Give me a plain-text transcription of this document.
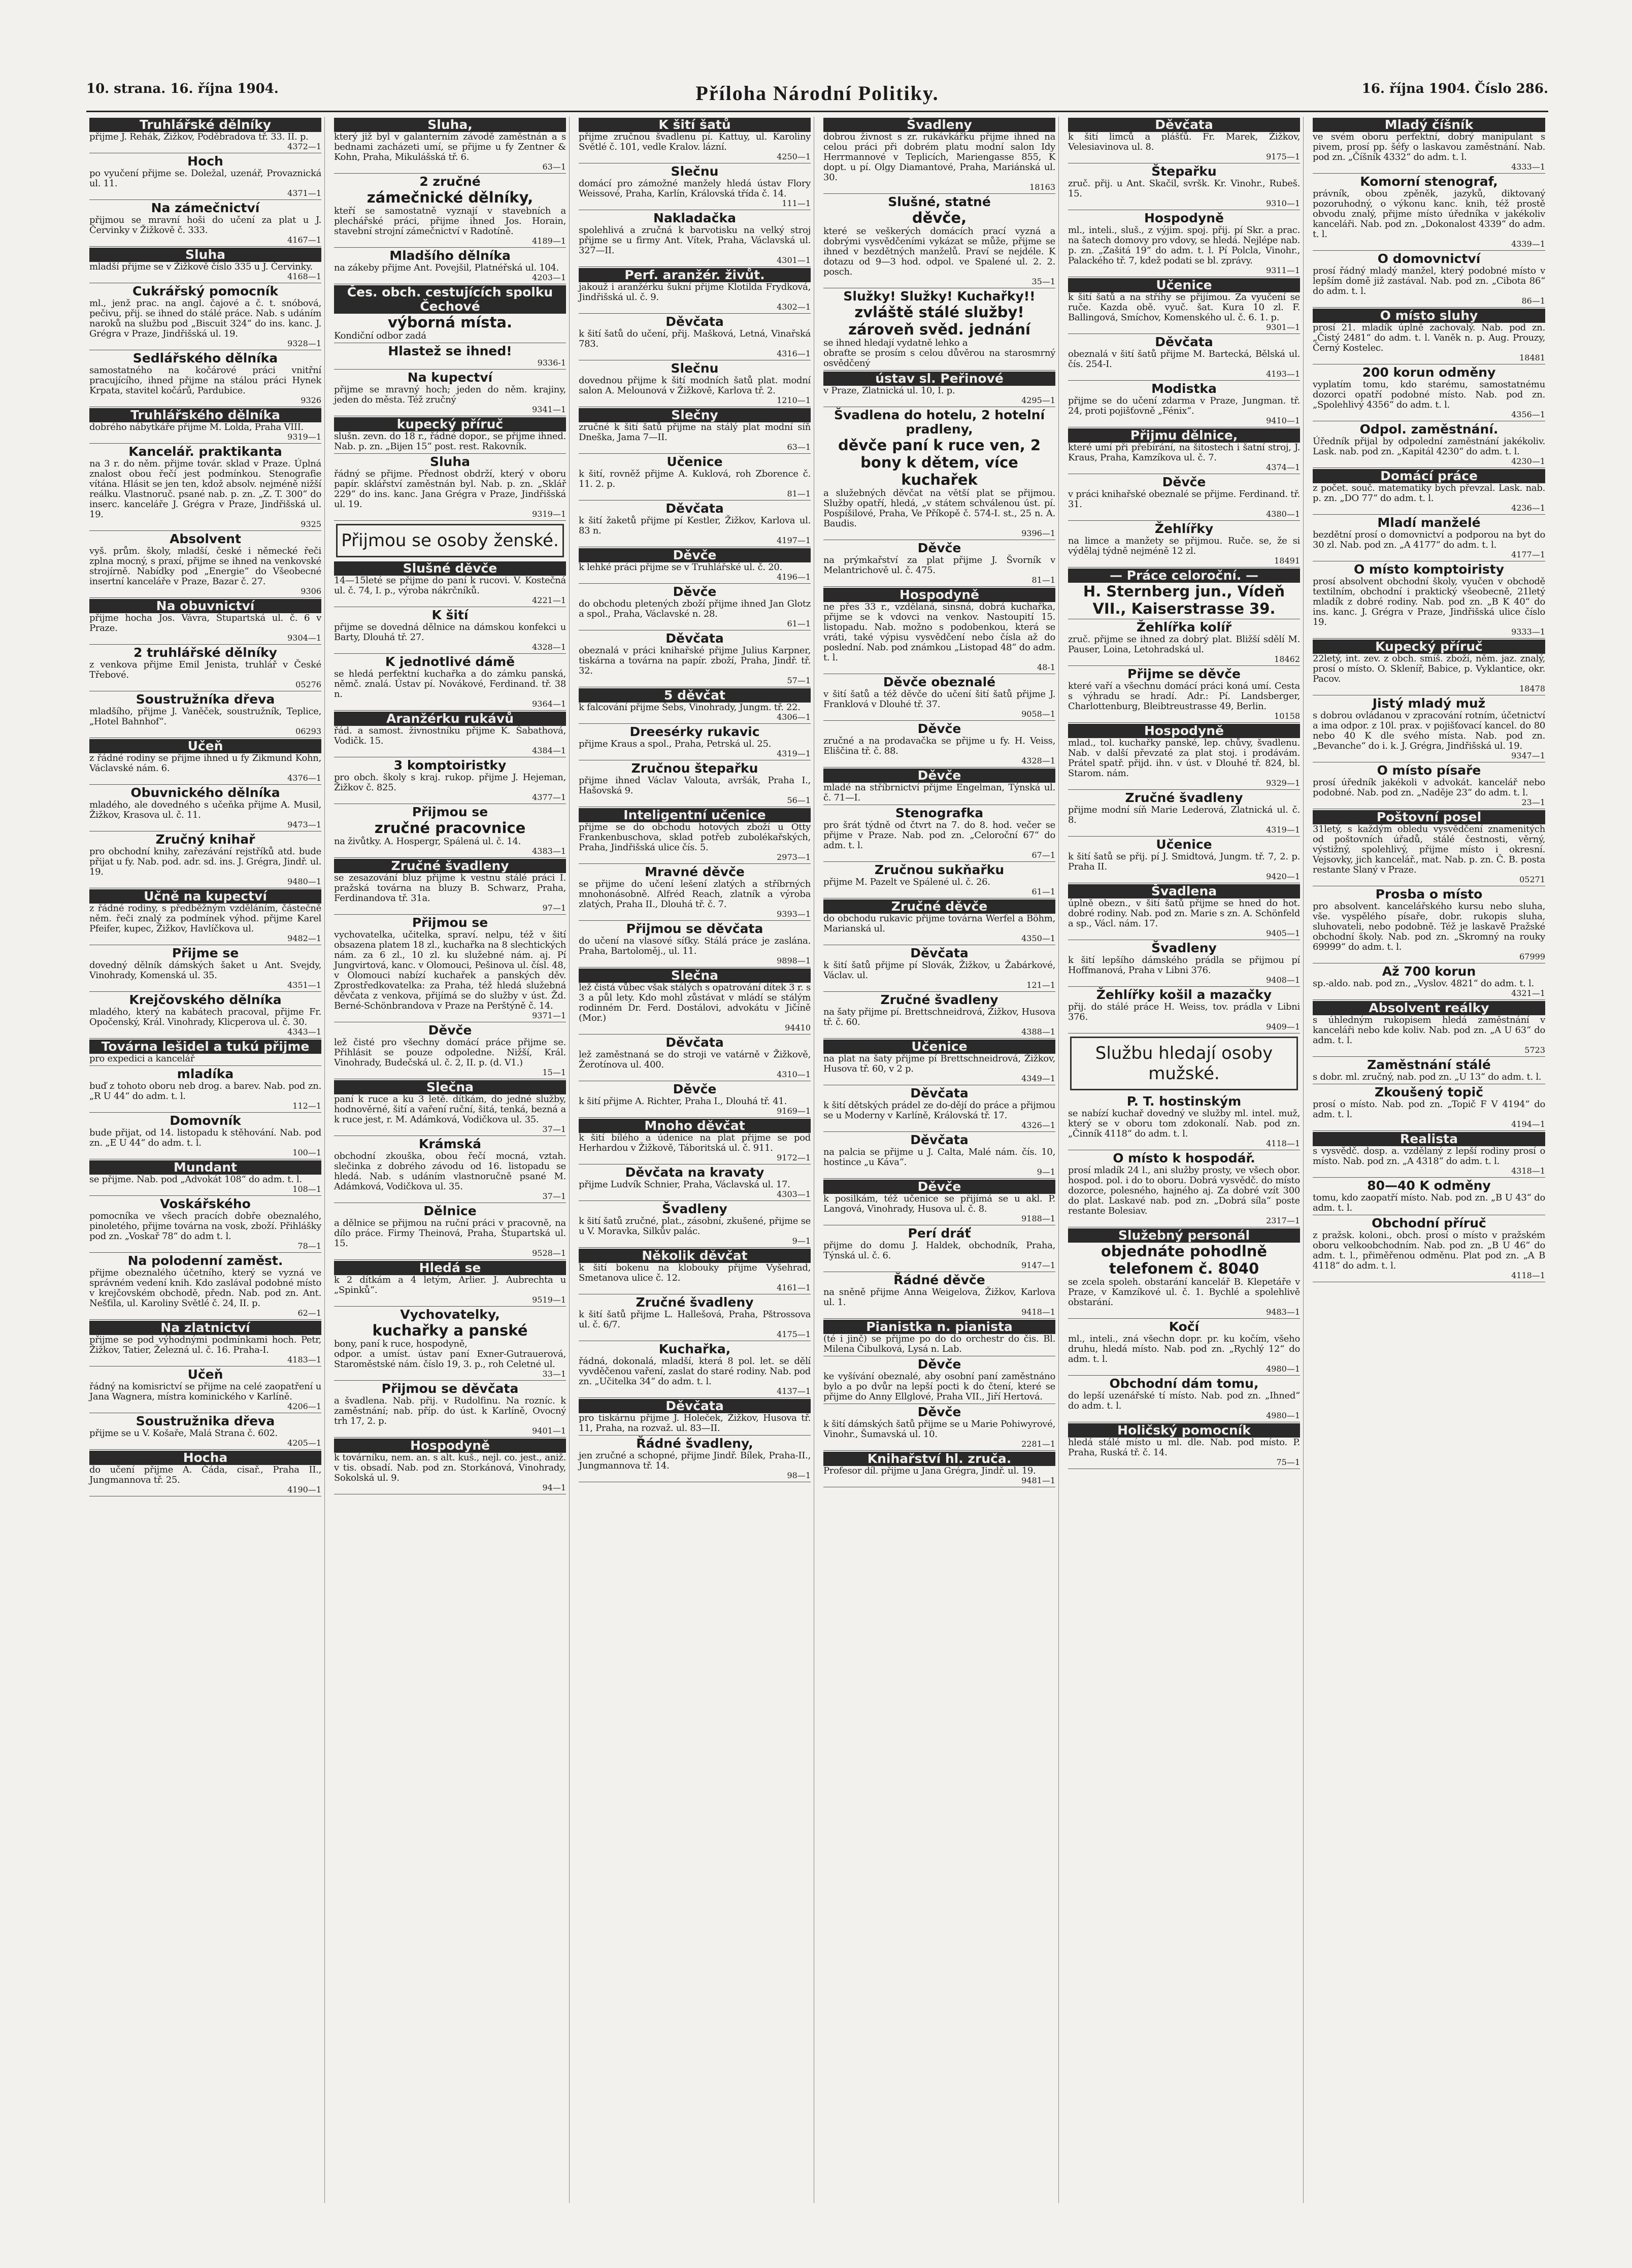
10. strana. 16. října 1904.	Příloha Národní Politiky.	16. října 1904. Číslo 286.
Truhlářské dělníky
přijme J. Rehák, Žižkov, Poděbradova tř. 33. II. p.
4372—1
Hoch
po vyučení přijme se. Doležal, uzenář, Provaznická ul. 11.
4371—1
Na zámečnictví
přijmou se mravní hoši do učení za plat u J. Červinky v Žižkově č. 333.
4167—1
Sluha
mladší přijme se v Žižkově číslo 335 u J. Červinky.
4168—1
Cukrářský pomocník
ml., jenž prac. na angl. čajové a č. t. snóbová, pečivu, přij. se ihned do stálé práce. Nab. s udáním naroků na službu pod „Biscuit 324“ do ins. kanc. J. Grégra v Praze, Jindřišská ul. 19.
9328—1
Sedlářského dělníka
samostatného na kočárové práci vnitřní pracujícího, ihned přijme na stálou práci Hynek Krpata, stavitel kočárů, Pardubice.
9326
Truhlářského dělníka
dobrého nábytkáře přijme M. Lolda, Praha VIII.
9319—1
Kancelář. praktikanta
na 3 r. do něm. přijme továr. sklad v Praze. Úplná znalost obou řečí jest podmínkou. Stenografie vítána. Hlásit se jen ten, kdož absolv. nejméně nižší reálku. Vlastnoruč. psané nab. p. zn. „Z. T. 300“ do inserc. kanceláře J. Grégra v Praze, Jindřišská ul. 19.
9325
Absolvent
vyš. prům. školy, mladší, české i německé řeči zplna mocný, s praxí, přijme se ihned na venkovské strojírně. Nabídky pod „Energie“ do Všeobecné insertní kanceláře v Praze, Bazar č. 27.
9306
Na obuvnictví
přijme hocha Jos. Vávra, Štupartská ul. č. 6 v Praze.
9304—1
2 truhlářské dělníky
z venkova přijme Emil Jenista, truhlář v České Třebové.
05276
Soustružníka dřeva
mladšího, přijme J. Vaněček, soustružník, Teplice, „Hotel Bahnhof“.
06293
Učeň
z řádné rodiny se přijme ihned u fy Zikmund Kohn, Václavské nám. 6.
4376—1
Obuvnického dělníka
mladého, ale dovedného s učeňka přijme A. Musil, Žižkov, Krasova ul. č. 11.
9473—1
Zručný knihař
pro obchodní knihy, zařezávání rejstříků atd. bude přijat u fy. Nab. pod. adr. sd. ins. J. Grégra, Jindř. ul. 19.
9480—1
Učně na kupectví
z řádné rodiny, s předběžným vzděláním, částečně něm. řeči znalý za podmínek výhod. přijme Karel Pfeifer, kupec, Žižkov, Havlíčkova ul.
9482—1
Přijme se
dovedný dělník dámských šaket u Ant. Svejdy, Vinohrady, Komenská ul. 35.
4351—1
Krejčovského dělníka
mladého, který na kabátech pracoval, přijme Fr. Opočenský, Král. Vinohrady, Klicperova ul. č. 30.
4343—1
Továrna lešidel a tukú přijme
pro expedici a kancelář
mladíka
buď z tohoto oboru neb drog. a barev. Nab. pod zn. „R U 44“ do adm. t. l.
112—1
Domovník
bude přijat, od 14. listopadu k stěhování. Nab. pod zn. „E U 44“ do adm. t. l.
100—1
Mundant
se přijme. Nab. pod „Advokát 108“ do adm. t. l.
108—1
Voskářského
pomocníka ve všech pracích dobře obeznalého, pinoletého, přijme továrna na vosk, zboží. Přihlášky pod zn. „Voskař 78“ do adm t. l.
78—1
Na polodenní zaměst.
přijme obeznalého účetního, který se vyzná ve správném vedení knih. Kdo zaslával podobné místo v krejčovském obchodě, předn. Nab. pod zn. Ant. Nešťila, ul. Karoliny Světlé č. 24, II. p.
62—1
Na zlatnictví
přijme se pod výhodnými podmínkami hoch. Petr, Žižkov, Tatier, Železná ul. č. 16. Praha-I.
4183—1
Učeň
řádný na komisrictví se přijme na celé zaopatření u Jana Wagnera, místra kominického v Karlíně.
4206—1
Soustružnika dřeva
přijme se u V. Košaře, Malá Strana č. 602.
4205—1
Hocha
do učení přijme A. Čáda, cisař., Praha II., Jungmannova tř. 25.
4190—1
Sluha,
který již byl v galanterním závodě zaměstnán a s bednami zacházeti umí, se přijme u fy Zentner & Kohn, Praha, Mikulášská tř. 6.
63—1
2 zručné
zámečnické dělníky,
kteří se samostatně vyznají v stavebních a plechářské práci, přijme ihned Jos. Horain, stavební strojní zámečnictví v Radotíně.
4189—1
Mladšího dělníka
na zákeby přijme Ant. Povejšil, Platnéřská ul. 104.
4203—1
Čes. obch. cestujících spolku Čechové
výborná místa.
Kondiční odbor zadá
Hlastež se ihned!
9336-1
Na kupectví
přijme se mravný hoch; jeden do něm. krajiny, jeden do města. Též zručný
9341—1
kupecký příruč
slušn. zevn. do 18 r., řádné dopor., se přijme ihned. Nab. p. zn. „Bijen 15“ post. rest. Rakovník.
Sluha
řádný se přijme. Přednost obdrží, který v oboru papír. sklářství zaměstnán byl. Nab. p. zn. „Sklář 229“ do ins. kanc. Jana Grégra v Praze, Jindřišská ul. 19.
9319—1
Přijmou se osoby ženské.
Slušné děvče
14—15leté se přijme do paní k rucovi. V. Kostečná ul. č. 74, I. p., výroba nákrčníků.
4221—1
K šití
přijme se dovedná dělnice na dámskou konfekci u Barty, Dlouhá tř. 27.
4328—1
K jednotlivé dámě
se hledá perfektní kuchařka a do zámku panská, němč. znalá. Ústav pí. Novákové, Ferdinand. tř. 38 n.
9364—1
Aranžérku rukávů
řád. a samost. živnostníku přijme K. Šabathová, Vodičk. 15.
4384—1
3 komptoiristky
pro obch. školy s kraj. rukop. přijme J. Hejeman, Žižkov č. 825.
4377—1
Přijmou se
zručné pracovnice
na živůtky. A. Hospergr, Spálená ul. č. 14.
4383—1
Zručné švadleny
se zesazování bluz přijme k vestnu stálé práci I. pražská továrna na bluzy B. Schwarz, Praha, Ferdinandova tř. 31a.
97—1
Přijmou se
vychovatelka, učitelka, spraví. nelpu, též v šití obsazena platem 18 zl., kuchařka na 8 slechtických nám. za 6 zl., 10 zl. ku služebné nám. aj. Pí Jungvirtová, kanc. v Olomouci, Pešinova ul. čísl. 48, v Olomouci nabízí kuchařek a panských děv. Zprostředkovatelka: za Praha, též hledá služebná děvčata z venkova, přijímá se do služby v úst. Žd. Berné-Schönbrandova v Praze na Perštýně č. 14.
9371—1
Děvče
lež čisté pro všechny domácí práce přijme se. Přihlásit se pouze odpoledne. Nižší, Král. Vinohrady, Budečská ul. č. 2, II. p. (d. V1.)
15—1
Slečna
paní k ruce a ku 3 letě. dítkám, do jedné služby, hodnověrné, šití a vaření ruční, šitá, tenká, bezná a k ruce jest, r. M. Adámková, Vodičkova ul. 35.
37—1
Krámská
obchodní zkouška, obou řečí mocná, vztah. slečinka z dobrého závodu od 16. listopadu se hledá. Nab. s udáním vlastnoručně psané M. Adámková, Vodičkova ul. 35.
37—1
Dělnice
a dělnice se přijmou na ruční práci v pracovně, na dílo práce. Firmy Theinová, Praha, Štupartská ul. 15.
9528—1
Hledá se
k 2 dítkám a 4 letým, Arlier. J. Aubrechta u „Spinků“.
9519—1
Vychovatelky,
kuchařky a panské
bony, paní k ruce, hospodyně,
odpor. a umíst. ústav paní Exner-Gutrauerová, Staroměstské nám. číslo 19, 3. p., roh Celetné ul.
33—1
Přijmou se děvčata
a švadlena. Nab. přij. v Rudolfinu. Na rozníc. k zaměstnání; nab. příp. do úst. k Karlíně, Ovocný trh 17, 2. p.
9401—1
Hospodyně
k továrníku, nem. an. s alt. kuš., nejl. co. jest., aniž. v tis. obsadí. Nab. pod zn. Storkánová, Vinohrady, Sokolská ul. 9.
94—1
K šití šatů
přijme zručnou švadlenu pí. Kattuy, ul. Karoliny Světlé č. 101, vedle Kralov. lázní.
4250—1
Slečnu
domácí pro zámožné manžely hledá ústav Flory Weissové, Praha, Karlín, Královská třída č. 14.
111—1
Nakladačka
spolehlivá a zručná k barvotisku na velký stroj přijme se u firmy Ant. Vítek, Praha, Václavská ul. 327—II.
4301—1
Perf. aranžér. živůt.
jakouž i aranžérku šukní přijme Klotilda Frydková, Jindřišská ul. č. 9.
4302—1
Děvčata
k šití šatů do učení, přij. Mašková, Letná, Vinařská 783.
4316—1
Slečnu
dovednou přijme k šití modních šatů plat. modní salon A. Melounová v Žižkově, Karlova tř. 2.
1210—1
Slečny
zručné k šití šatů přijme na stálý plat modní síň Dneška, Jama 7—II.
63—1
Učenice
k šití, rovněž přijme A. Kuklová, roh Zborence č. 11. 2. p.
81—1
Děvčata
k šití žaketů přijme pí Kestler, Žižkov, Karlova ul. 83 n.
4197—1
Děvče
k lehké práci přijme se v Truhlářské ul. č. 20.
4196—1
Děvče
do obchodu pletených zboží přijme ihned Jan Glotz a spol., Praha, Václavské n. 28.
61—1
Děvčata
obeznalá v práci knihařské přijme Julius Karpner, tiskárna a továrna na papír. zboží, Praha, Jindř. tř. 32.
57—1
5 děvčat
k falcování přijme Šebs, Vinohrady, Jungm. tř. 22.
4306—1
Dreesérky rukavic
přijme Kraus a spol., Praha, Petrská ul. 25.
4319—1
Zručnou štepařku
přijme ihned Václav Valouta, avršák, Praha I., Hašovská 9.
56—1
Inteligentní učenice
přijme se do obchodu hotových zboží u Otty Frankenbuschova, sklad potřeb zubolékařských, Praha, Jindřišská ulice čís. 5.
2973—1
Mravné děvče
se přijme do učení lešení zlatých a stříbrných mnohonásobně. Alfréd Reach, zlatník a výroba zlatých, Praha II., Dlouhá tř. č. 7.
9393—1
Přijmou se děvčata
do učení na vlasové síťky. Stálá práce je zaslána. Praha, Bartoloměj., ul. 11.
9898—1
Slečna
lež čistá vůbec však stálých s opatrování dítek 3 r. s 3 a půl lety. Kdo mohl zůstávat v mládí se stálým rodinném Dr. Ferd. Dostálovi, advokátu v Jičíně (Mor.)
94410
Děvčata
lež zaměstnaná se do stroji ve vatárně v Žižkově, Žerotínova ul. 400.
4310—1
Děvče
k šití přijme A. Richter, Praha I., Dlouhá tř. 41.
9169—1
Mnoho děvčat
k šití bílého a údenice na plat přijme se pod Herhardou v Žižkově, Táboritská ul. č. 911.
9172—1
Děvčata na kravaty
přijme Ludvík Schnier, Praha, Václavská ul. 17.
4303—1
Švadleny
k šití šatů zručné, plat., zásobní, zkušené, přijme se u V. Moravka, Silkův palác.
9—1
Několik děvčat
k šití bokenu na klobouky přijme Vyšehrad, Smetanova ulice č. 12.
4161—1
Zručné švadleny
k šití šatů přijme L. Hallešová, Praha, Pštrossova ul. č. 6/7.
4175—1
Kuchařka,
řádná, dokonalá, mladší, která 8 pol. let. se dělí vyvděčenou vaření, zaslat do staré rodiny. Nab. pod zn. „Učitelka 34“ do adm. t. l.
4137—1
Děvčata
pro tiskárnu přijme J. Holeček, Žižkov, Husova tř. 11, Praha, na rozvaž. ul. 83—II.
Řádné švadleny,
jen zručné a schopné, přijme Jindř. Bílek, Praha-II., Jungmannova tř. 14.
98—1
Švadleny
dobrou živnost s zr. rukávkářku přijme ihned na celou práci při dobrém platu modní salon Idy Herrmannové v Teplicích, Mariengasse 855, K dopt. u pí. Olgy Diamantové, Praha, Mariánská ul. 30.
18163
Slušné, statné
děvče,
které se veškerých domácích prací vyzná a dobrými vysvědčeními vykázat se může, přijme se ihned v bezdětných manželů. Praví se nejdéle. K dotazu od 9—3 hod. odpol. ve Spalené ul. 2. 2. posch.
35—1
Služky! Služky! Kuchařky!!
zvláště stálé služby! zároveň svěd. jednání
se ihned hledají vydatně lehko a
obraťte se prosím s celou důvěrou na starosmrný osvědčený
ústav sl. Peřinové
v Praze, Zlatnická ul. 10, I. p.
4295—1
Švadlena do hotelu, 2 hotelní pradleny,
děvče paní k ruce ven, 2 bony k dětem, více kuchařek
a služebných děvčat na větší plat se přijmou. Služby opatří, hledá, „v státem schválenou úst. pí. Pospíšilové, Praha, Ve Příkopě č. 574-I. st., 25 n. A. Baudis.
9396—1
Děvče
na prýmkařství za plat přijme J. Švorník v Melantrichově ul. č. 475.
81—1
Hospodyně
ne přes 33 r., vzdělaná, sinsná, dobrá kuchařka, přijme se k vdovci na venkov. Nastoupití 15. listopadu. Nab. možno s podobenkou, která se vráti, také výpisu vysvědčení nebo čísla až do poslední. Nab. pod známkou „Listopad 48“ do adm. t. l.
48-1
Děvče obeznalé
v šití šatů a též děvče do učení šití šatů přijme J. Franklová v Dlouhé tř. 37.
9058—1
Děvče
zručné a na prodavačka se přijme u fy. H. Veiss, Eliščina tř. č. 88.
4328—1
Děvče
mladé na stříbrnictví přijme Engelman, Týnská ul. č. 71—I.
Stenografka
pro šrát týdně od čtvrt na 7. do 8. hod. večer se přijme v Praze. Nab. pod zn. „Celoroční 67“ do adm. t. l.
67—1
Zručnou sukňařku
přijme M. Pazelt ve Spálené ul. č. 26.
61—1
Zručné děvče
do obchodu rukavic přijme továrna Werfel a Böhm, Marianská ul.
4350—1
Děvčata
k šití šatů přijme pí Slovák, Žižkov, u Žabárkové, Václav. ul.
121—1
Zručné švadleny
na šaty přijme pí. Brettschneidrová, Žižkov, Husova tř. č. 60.
4388—1
Učenice
na plat na šaty přijme pí Brettschneidrová, Žižkov, Husova tř. 60, v 2 p.
4349—1
Děvčata
k šití dětských prádel ze do-dějí do práce a přijmou se u Moderny v Karlíně, Královská tř. 17.
4326—1
Děvčata
na palcia se přijme u J. Calta, Malé nám. čís. 10, hostince „u Káva“.
9—1
Děvče
k posilkám, též učenice se přijímá se u akl. P. Langová, Vinohrady, Husova ul. č. 8.
9188—1
Perí dráť
přijme do domu J. Haldek, obchodník, Praha, Týnská ul. č. 6.
9147—1
Řádné děvče
na sněně přijme Anna Weigelova, Žižkov, Karlova ul. 1.
9418—1
Pianistka n. pianista
(té i jinč) se přijme po do do orchestr do čis. Bl. Milena Čibulková, Lysá n. Lab.
Děvče
ke vyšívání obeznalé, aby osobní paní zaměstnáno bylo a po dvůr na lepší pocti k do čtení, které se přijme do Anny Ellglové, Praha VII., Jiří Hertová.
Děvče
k šití dámských šatů přijme se u Marie Pohiwyrové, Vinohr., Šumavská ul. 10.
2281—1
Knihařství hl. zruča.
Profesor díl. přijme u Jana Grégra, Jindř. ul. 19.
9481—1
Děvčata
k šití limců a plášťů. Fr. Marek, Žižkov, Velesiavinova ul. 8.
9175—1
Štepařku
zruč. přij. u Ant. Skačil, svršk. Kr. Vinohr., Rubeš. 15.
9310—1
Hospodyně
ml., inteli., sluš., z výjim. spoj. přij. pí Skr. a prac. na šatech domovy pro vdovy, se hledá. Nejlépe nab. p. zn. „Zašitá 19“ do adm. t. l. Pí Polcla, Vinohr., Palackého tř. 7, kdež podati se bl. zprávy.
9311—1
Učenice
k šití šatů a na stříhy se přijímou. Za vyučení se ruče. Kazda obě. vyuč. šat. Kura 10 zl. F. Ballingová, Smíchov, Komenského ul. č. 6. 1. p.
9301—1
Děvčata
obeznalá v šití šatů přijme M. Bartecká, Bělská ul. čís. 254-I.
4193—1
Modistka
přijme se do učení zdarma v Praze, Jungman. tř. 24, proti pojišťovně „Fénix“.
9410—1
Přijmu dělnice,
které umí při přebírání, na šitostech i šatní stroj, J. Kraus, Praha, Kamzíkova ul. č. 7.
4374—1
Děvče
v práci knihařské obeznalé se přijme. Ferdinand. tř. 31.
4380—1
Žehlířky
na limce a manžety se přijmou. Ruče. se, že si výdělaj týdně nejméně 12 zl.
18491
— Práce celoroční. —
H. Sternberg jun., Vídeň VII., Kaiserstrasse 39.
Žehlířka kolíř
zruč. přijme se ihned za dobrý plat. Bližší sdělí M. Pauser, Loina, Letohradská ul.
18462
Přijme se děvče
které vaří a všechnu domácí práci koná umí. Cesta s výhradu se hradí. Adr.: Pí. Landsberger, Charlottenburg, Bleibtreustrasse 49, Berlin.
10158
Hospodyně
mlad., tol. kuchařky panské, lep. chůvy, švadlenu. Nab. v další převzaté za plat stoj. i prodávám. Prátel spatř. přijd. ihn. v úst. v Dlouhé tř. 824, bl. Starom. nám.
9329—1
Zručné švadleny
přijme modní síň Marie Lederová, Zlatnická ul. č. 8.
4319—1
Učenice
k šití šatů se přij. pí J. Smidtová, Jungm. tř. 7, 2. p. Praha II.
9420—1
Švadlena
úplně obezn., v šití šatů přijme se hned do hot. dobré rodiny. Nab. pod zn. Marie s zn. A. Schönfeld a sp., Václ. nám. 17.
9405—1
Švadleny
k šití lepšího dámského prádla se přijmou pí Hoffmanová, Praha v Libni 376.
9408—1
Žehlířky košil a mazačky
přij. do stálé práce H. Weiss, tov. prádla v Libni 376.
9409—1
Službu hledají osoby mužské.
P. T. hostinským
se nabízí kuchař dovedný ve služby ml. intel. muž, který se v oboru tom zdokonalí. Nab. pod zn. „Činník 4118“ do adm. t. l.
4118—1
O místo k hospodář.
prosí mladík 24 l., ani služby prosty, ve všech obor. hospod. pol. i do to oboru. Dobrá vysvědč. do místo dozorce, polesného, hajného aj. Za dobré vzít 300 do plat. Laskavé nab. pod zn. „Dobrá síla“ poste restante Bolesiav.
2317—1
Služebný personál
objednáte pohodlně telefonem č. 8040
se zcela spoleh. obstarání kancelář B. Klepetáře v Praze, v Kamzíkové ul. č. 1. Bychlé a spolehlivě obstarání.
9483—1
Kočí
ml., inteli., zná všechn dopr. pr. ku kočím, všeho druhu, hledá místo. Nab. pod zn. „Rychlý 12“ do adm. t. l.
4980—1
Obchodní dám tomu,
do lepší uzenářské tí místo. Nab. pod zn. „Ihned“ do adm. t. l.
4980—1
Holičský pomocník
hledá stálé místo u ml. dle. Nab. pod místo. P. Praha, Ruská tř. č. 14.
75—1
Mladý číšník
ve svém oboru perfektní, dobrý manipulant s pivem, prosí pp. šéfy o laskavou zaměstnání. Nab. pod zn. „Číšník 4332“ do adm. t. l.
4333—1
Komorní stenograf,
právník, obou zpěněk, jazyků, diktovaný pozoruhodný, o výkonu kanc. knih, též prostě obvodu znalý, přijme místo úředníka v jakékoliv kanceláři. Nab. pod zn. „Dokonalost 4339“ do adm. t. l.
4339—1
O domovnictví
prosí řádný mladý manžel, který podobné místo v lepším domě již zastával. Nab. pod zn. „Cibota 86“ do adm. t. l.
86—1
O místo sluhy
prosí 21. mladík úplně zachovalý. Nab. pod zn. „Čistý 2481“ do adm. t. l. Vaněk n. p. Aug. Prouzy, Černý Kostelec.
18481
200 korun odměny
vyplatím tomu, kdo starému, samostatnému dozorci opatří podobné místo. Nab. pod zn. „Spolehlivý 4356“ do adm. t. l.
4356—1
Odpol. zaměstnání.
Úředník přijal by odpolední zaměstnání jakékoliv. Lask. nab. pod zn. „Kapitál 4230“ do adm. t. l.
4230—1
Domácí práce
z počet. souč. matematiky bych převzal. Lask. nab. p. zn. „DO 77“ do adm. t. l.
4236—1
Mladí manželé
bezdětní prosí o domovnictví a podporou na byt do 30 zl. Nab. pod zn. „A 4177“ do adm. t. l.
4177—1
O místo komptoiristy
prosí absolvent obchodní školy, vyučen v obchodě textilním, obchodní i praktický všeobecně, 21letý mladík z dobré rodiny. Nab. pod zn. „B K 40“ do ins. kanc. J. Grégra v Praze, Jindřišská ulice číslo 19.
9333—1
Kupecký příruč
22letý, int. zev. z obch. smíš. zboží, něm. jaz. znalý, prosí o místo. O. Skleníř, Babice, p. Vyklantice, okr. Pacov.
18478
Jistý mladý muž
s dobrou ovládanou v zpracování rotním, účetnictví a ima odpor. z 10l. prax. v pojišťovací kancel. do 80 nebo 40 K dle svého místa. Nab. pod zn. „Bevanche“ do i. k. J. Grégra, Jindřišská ul. 19.
9347—1
O místo písaře
prosí úředník jakékoli v advokát. kancelář nebo podobné. Nab. pod zn. „Naděje 23“ do adm. t. l.
23—1
Poštovní posel
31letý, s každým obledu vysvědčení znamenitých od poštovních úřadů, stálé čestnosti, věrný, výstižný, spolehlivý, přijme místo i okresní. Vejsovky, jich kancelář., mat. Nab. p. zn. Č. B. posta restante Slaný v Praze.
05271
Prosba o místo
pro absolvent. kancelářského kursu nebo sluha, vše. vyspělého písaře, dobr. rukopis sluha, sluhovateli, nebo podobně. Též je laskavě Pražské obchodní školy. Nab. pod zn. „Skromný na rouky 69999“ do adm. t. l.
67999
Až 700 korun
sp.-aldo. nab. pod zn., „Vyslov. 4821“ do adm. t. l.
4321—1
Absolvent reálky
s úhledným rukopisem hledá zaměstnání v kanceláři nebo kde koliv. Nab. pod zn. „A U 63“ do adm. t. l.
5723
Zaměstnání stálé
s dobr. ml. zručný, nab. pod zn. „U 13“ do adm. t. l.
Zkoušený topič
prosí o místo. Nab. pod zn. „Topič F V 4194“ do adm. t. l.
4194—1
Realista
s vysvědč. dosp. a. vzdělaný z lepší rodiny prosí o místo. Nab. pod zn. „A 4318“ do adm. t. l.
4318—1
80—40 K odměny
tomu, kdo zaopatří místo. Nab. pod zn. „B U 43“ do adm. t. l.
Obchodní příruč
z pražsk. koloni., obch. prosí o místo v pražském oboru velkoobchodním. Nab. pod zn. „B U 46“ do adm. t. l., přiměřenou odměnu. Plat pod zn. „A B 4118“ do adm. t. l.
4118—1
